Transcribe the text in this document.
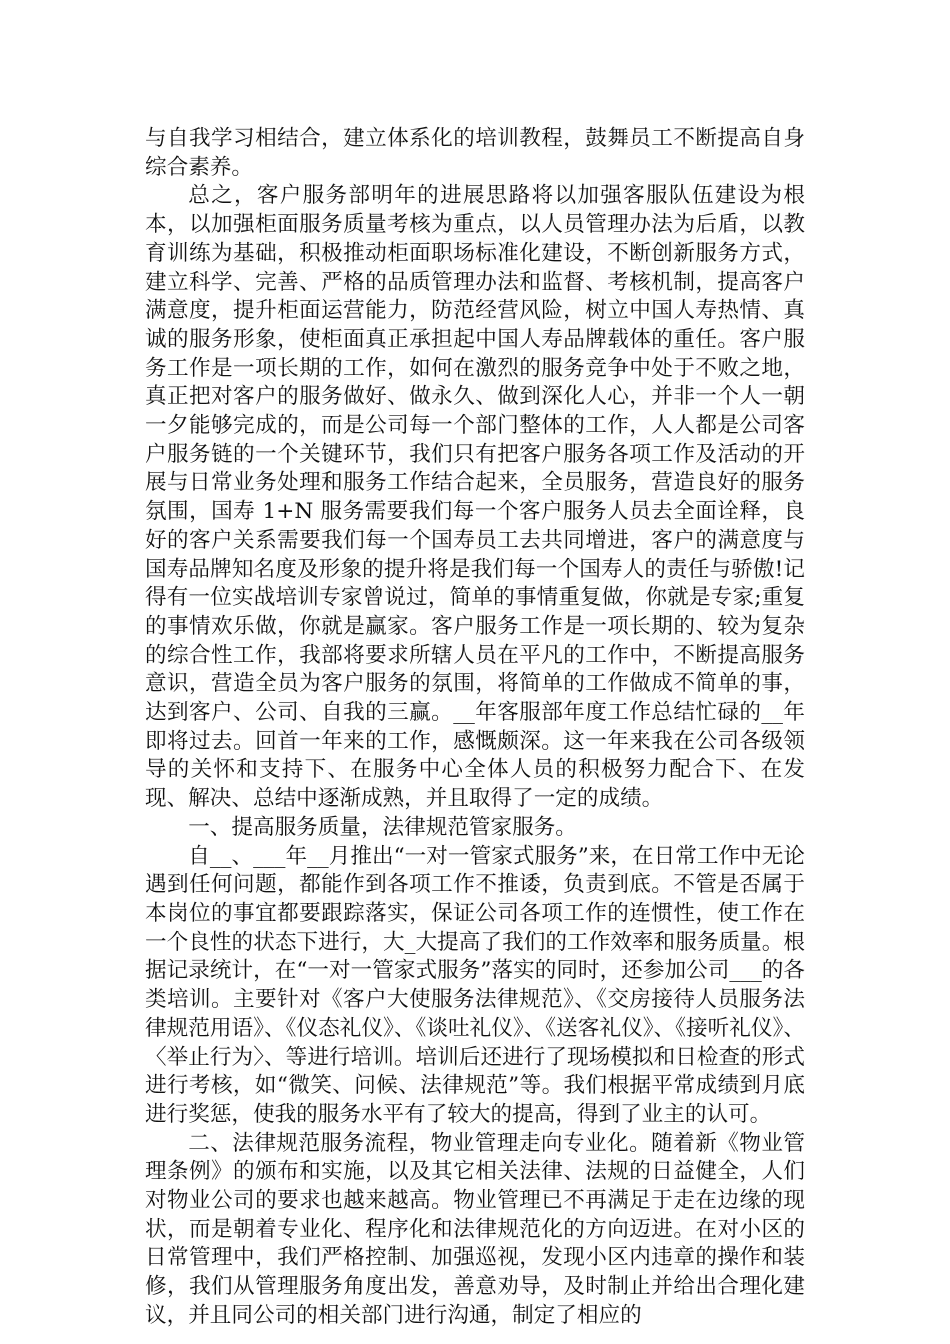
与自我学习相结合，建立体系化的培训教程，鼓舞员工不断提高自身综合素养。

总之，客户服务部明年的进展思路将以加强客服队伍建设为根本，以加强柜面服务质量考核为重点，以人员管理办法为后盾，以教育训练为基础，积极推动柜面职场标准化建设，不断创新服务方式，建立科学、完善、严格的品质管理办法和监督、考核机制，提高客户满意度，提升柜面运营能力，防范经营风险，树立中国人寿热情、真诚的服务形象，使柜面真正承担起中国人寿品牌载体的重任。客户服务工作是一项长期的工作，如何在激烈的服务竞争中处于不败之地，真正把对客户的服务做好、做永久、做到深化人心，并非一个人一朝一夕能够完成的，而是公司每一个部门整体的工作，人人都是公司客户服务链的一个关键环节，我们只有把客户服务各项工作及活动的开展与日常业务处理和服务工作结合起来，全员服务，营造良好的服务氛围，国寿 1+N 服务需要我们每一个客户服务人员去全面诠释，良好的客户关系需要我们每一个国寿员工去共同增进，客户的满意度与国寿品牌知名度及形象的提升将是我们每一个国寿人的责任与骄傲!记得有一位实战培训专家曾说过，简单的事情重复做，你就是专家;重复的事情欢乐做，你就是赢家。客户服务工作是一项长期的、较为复杂的综合性工作，我部将要求所辖人员在平凡的工作中，不断提高服务意识，营造全员为客户服务的氛围，将简单的工作做成不简单的事，达到客户、公司、自我的三赢。__年客服部年度工作总结忙碌的__年即将过去。回首一年来的工作，感慨颇深。这一年来我在公司各级领导的关怀和支持下、在服务中心全体人员的积极努力配合下、在发现、解决、总结中逐渐成熟，并且取得了一定的成绩。

一、提高服务质量，法律规范管家服务。

自__、___年__月推出“一对一管家式服务”来，在日常工作中无论遇到任何问题，都能作到各项工作不推诿，负责到底。不管是否属于本岗位的事宜都要跟踪落实，保证公司各项工作的连惯性，使工作在一个良性的状态下进行，大_大提高了我们的工作效率和服务质量。根据记录统计，在“一对一管家式服务”落实的同时，还参加公司___的各类培训。主要针对《客户大使服务法律规范》、《交房接待人员服务法律规范用语》、《仪态礼仪》、《谈吐礼仪》、《送客礼仪》、《接听礼仪》、〈举止行为〉、等进行培训。培训后还进行了现场模拟和日检查的形式进行考核，如“微笑、问候、法律规范”等。我们根据平常成绩到月底进行奖惩，使我的服务水平有了较大的提高，得到了业主的认可。

二、法律规范服务流程，物业管理走向专业化。随着新《物业管理条例》的颁布和实施，以及其它相关法律、法规的日益健全，人们对物业公司的要求也越来越高。物业管理已不再满足于走在边缘的现状，而是朝着专业化、程序化和法律规范化的方向迈进。在对小区的日常管理中，我们严格控制、加强巡视，发现小区内违章的操作和装修，我们从管理服务角度出发，善意劝导，及时制止并给出合理化建议，并且同公司的相关部门进行沟通，制定了相应的
